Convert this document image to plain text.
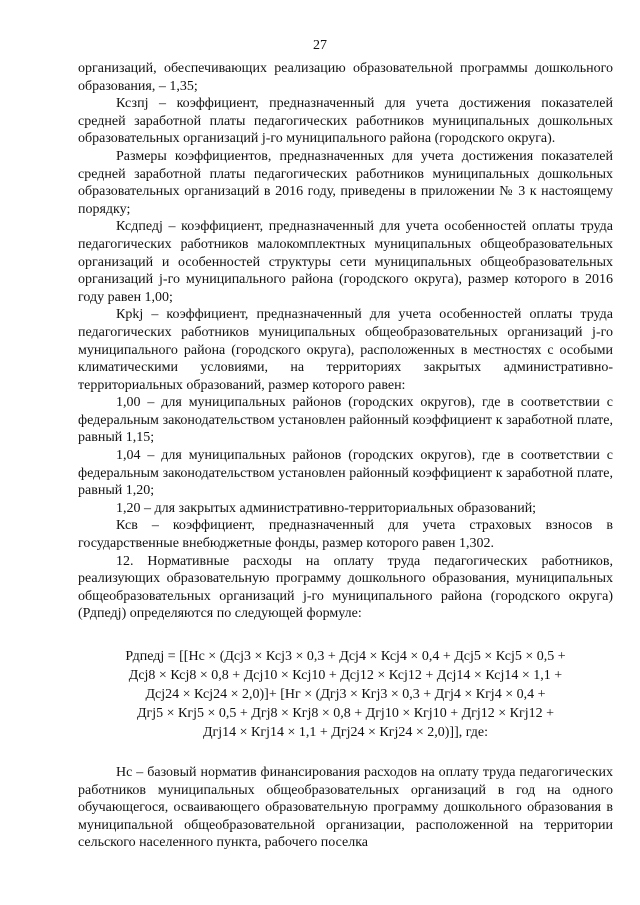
27

организаций, обеспечивающих реализацию образовательной программы дошкольного образования, – 1,35;

Ксзпj – коэффициент, предназначенный для учета достижения показателей средней заработной платы педагогических работников муниципальных дошкольных образовательных организаций j-го муниципального района (городского округа).

Размеры коэффициентов, предназначенных для учета достижения показателей средней заработной платы педагогических работников муниципальных дошкольных образовательных организаций в 2016 году, приведены в приложении № 3 к настоящему порядку;

Ксдпедj – коэффициент, предназначенный для учета особенностей оплаты труда педагогических работников малокомплектных муниципальных общеобразовательных организаций и особенностей структуры сети муниципальных общеобразовательных организаций j-го муниципального района (городского округа), размер которого в 2016 году равен 1,00;

Крkj – коэффициент, предназначенный для учета особенностей оплаты труда педагогических работников муниципальных общеобразовательных организаций j-го муниципального района (городского округа), расположенных в местностях с особыми климатическими условиями, на территориях закрытых административно-территориальных образований, размер которого равен:

1,00 – для муниципальных районов (городских округов), где в соответствии с федеральным законодательством установлен районный коэффициент к заработной плате, равный 1,15;

1,04 – для муниципальных районов (городских округов), где в соответствии с федеральным законодательством установлен районный коэффициент к заработной плате, равный 1,20;

1,20 – для закрытых административно-территориальных образований;

Ксв – коэффициент, предназначенный для учета страховых взносов в государственные внебюджетные фонды, размер которого равен 1,302.

12. Нормативные расходы на оплату труда педагогических работников, реализующих образовательную программу дошкольного образования, муниципальных общеобразовательных организаций j-го муниципального района (городского округа) (Рдпедj) определяются по следующей формуле:

Рдпедj = [[Нс × (Дсj3 × Ксj3 × 0,3 + Дсj4 × Ксj4 × 0,4 + Дсj5 × Ксj5 × 0,5 +
Дсj8 × Ксj8 × 0,8 + Дсj10 × Ксj10 + Дсj12 × Ксj12 + Дсj14 × Ксj14 × 1,1 +
Дсj24 × Ксj24 × 2,0)]+ [Нг × (Дгj3 × Кгj3 × 0,3 + Дгj4 × Кгj4 × 0,4 +
Дгj5 × Кгj5 × 0,5 + Дгj8 × Кгj8 × 0,8 + Дгj10 × Кгj10 + Дгj12 × Кгj12 +
Дгj14 × Кгj14 × 1,1 + Дгj24 × Кгj24 × 2,0)]], где:

Нс – базовый норматив финансирования расходов на оплату труда педагогических работников муниципальных общеобразовательных организаций в год на одного обучающегося, осваивающего образовательную программу дошкольного образования в муниципальной общеобразовательной организации, расположенной на территории сельского населенного пункта, рабочего поселка
